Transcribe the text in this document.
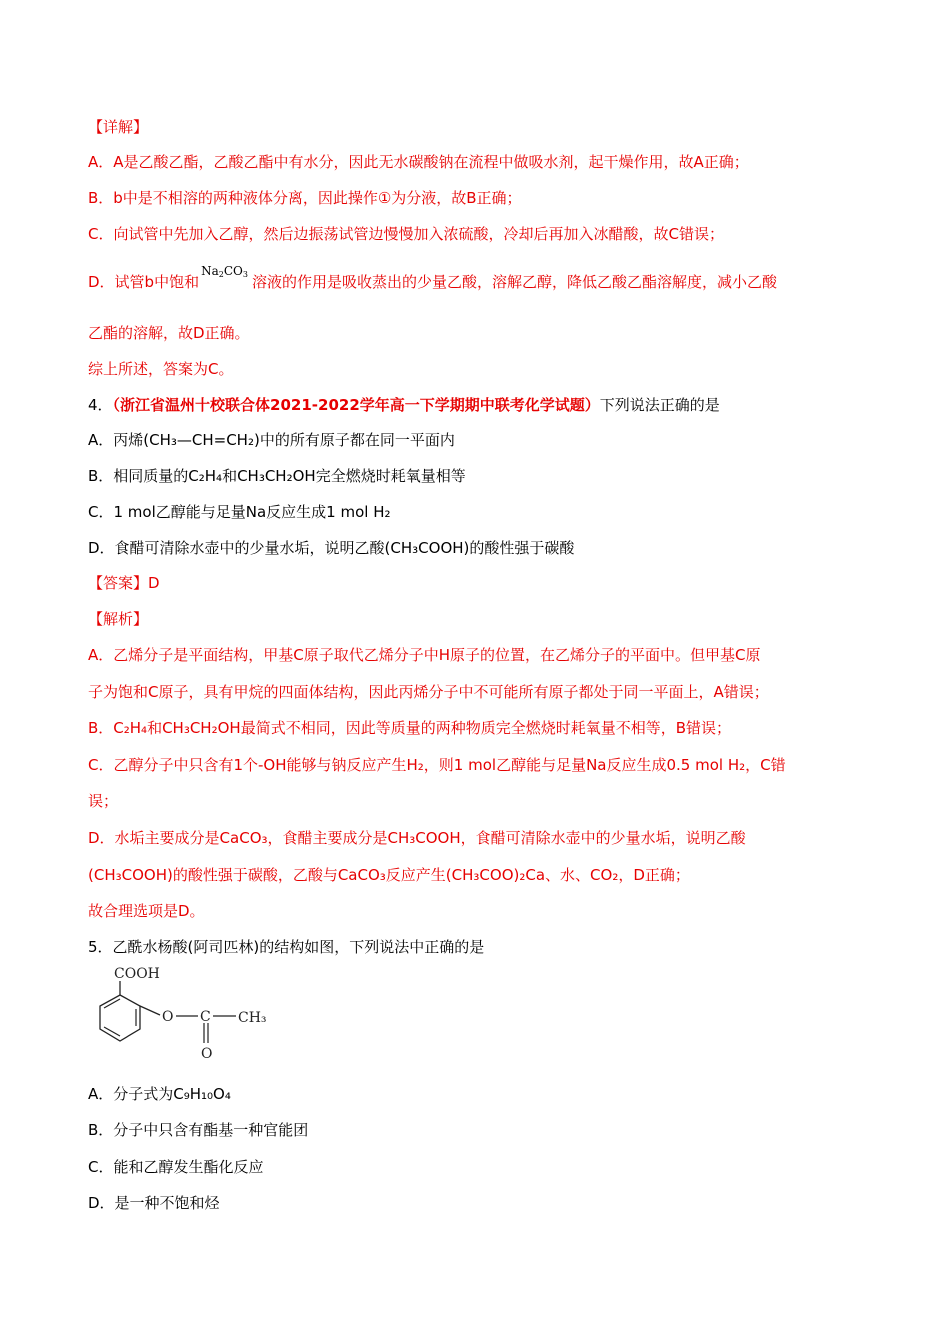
【详解】
A．A是乙酸乙酯，乙酸乙酯中有水分，因此无水碳酸钠在流程中做吸水剂，起干燥作用，故A正确；
B．b中是不相溶的两种液体分离，因此操作①为分液，故B正确；
C．向试管中先加入乙醇，然后边振荡试管边慢慢加入浓硫酸，冷却后再加入冰醋酸，故C错误；
D．试管b中饱和$^{Na_2CO_3}$ 溶液的作用是吸收蒸出的少量乙酸，溶解乙醇，降低乙酸乙酯溶解度，减小乙酸
乙酯的溶解，故D正确。
综上所述，答案为C。
4．（浙江省温州十校联合体2021-2022学年高一下学期期中联考化学试题）下列说法正确的是
A．丙烯(CH₃—CH=CH₂)中的所有原子都在同一平面内
B．相同质量的C₂H₄和CH₃CH₂OH完全燃烧时耗氧量相等
C．1 mol乙醇能与足量Na反应生成1 mol H₂
D．食醋可清除水壶中的少量水垢，说明乙酸(CH₃COOH)的酸性强于碳酸
【答案】D
【解析】
A．乙烯分子是平面结构，甲基C原子取代乙烯分子中H原子的位置，在乙烯分子的平面中。但甲基C原
子为饱和C原子，具有甲烷的四面体结构，因此丙烯分子中不可能所有原子都处于同一平面上，A错误；
B．C₂H₄和CH₃CH₂OH最简式不相同，因此等质量的两种物质完全燃烧时耗氧量不相等，B错误；
C．乙醇分子中只含有1个-OH能够与钠反应产生H₂，则1 mol乙醇能与足量Na反应生成0.5 mol H₂，C错
误；
D．水垢主要成分是CaCO₃，食醋主要成分是CH₃COOH，食醋可清除水壶中的少量水垢，说明乙酸
(CH₃COOH)的酸性强于碳酸，乙酸与CaCO₃反应产生(CH₃COO)₂Ca、水、CO₂，D正确；
故合理选项是D。
5．乙酰水杨酸(阿司匹林)的结构如图，下列说法中正确的是
COOH
O C CH₃
O
A．分子式为C₉H₁₀O₄
B．分子中只含有酯基一种官能团
C．能和乙醇发生酯化反应
D．是一种不饱和烃
